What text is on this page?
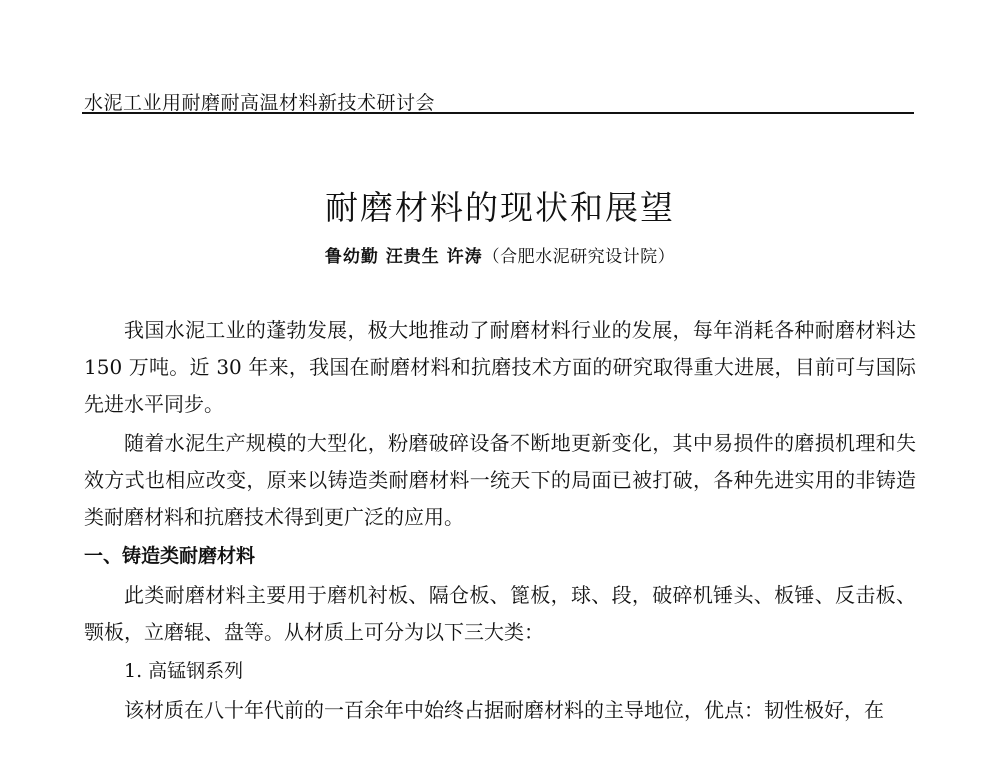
水泥工业用耐磨耐高温材料新技术研讨会
耐磨材料的现状和展望
鲁幼勤 汪贵生 许涛（合肥水泥研究设计院）

我国水泥工业的蓬勃发展，极大地推动了耐磨材料行业的发展，每年消耗各种耐磨材料达 150 万吨。近 30 年来，我国在耐磨材料和抗磨技术方面的研究取得重大进展，目前可与国际先进水平同步。

随着水泥生产规模的大型化，粉磨破碎设备不断地更新变化，其中易损件的磨损机理和失效方式也相应改变，原来以铸造类耐磨材料一统天下的局面已被打破，各种先进实用的非铸造类耐磨材料和抗磨技术得到更广泛的应用。

一、铸造类耐磨材料

此类耐磨材料主要用于磨机衬板、隔仓板、篦板，球、段，破碎机锤头、板锤、反击板、颚板，立磨辊、盘等。从材质上可分为以下三大类：

1. 高锰钢系列

该材质在八十年代前的一百余年中始终占据耐磨材料的主导地位，优点：韧性极好，在
